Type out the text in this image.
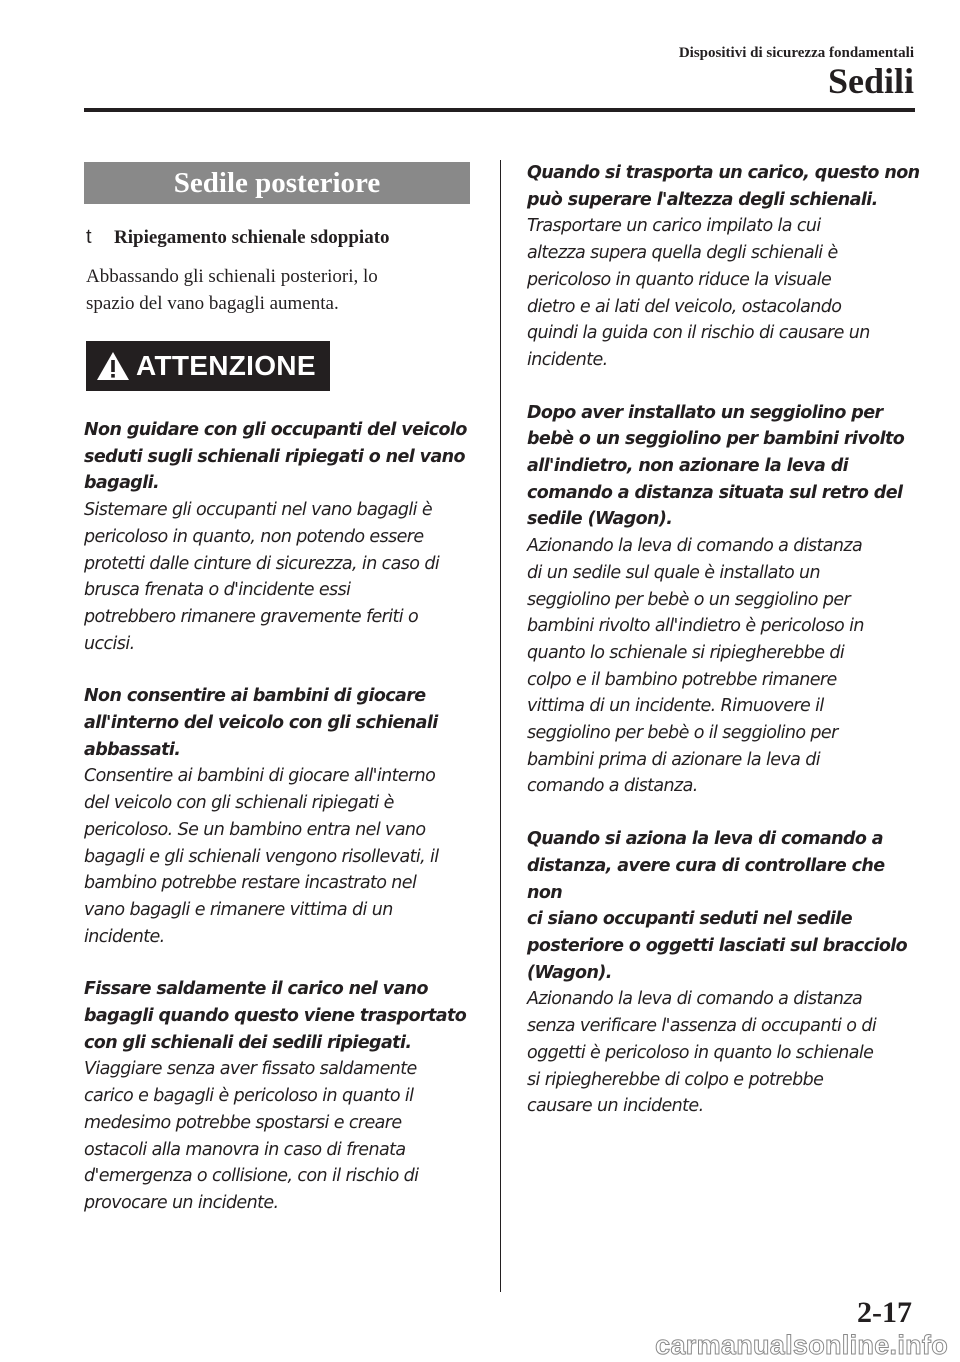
Dispositivi di sicurezza fondamentali
Sedili
Sedile posteriore
t	Ripiegamento schienale sdoppiato
Abbassando gli schienali posteriori, lo
spazio del vano bagagli aumenta.
ATTENZIONE
Non guidare con gli occupanti del veicolo
seduti sugli schienali ripiegati o nel vano
bagagli.
Sistemare gli occupanti nel vano bagagli è
pericoloso in quanto, non potendo essere
protetti dalle cinture di sicurezza, in caso di
brusca frenata o d'incidente essi
potrebbero rimanere gravemente feriti o
uccisi.
Non consentire ai bambini di giocare
all'interno del veicolo con gli schienali
abbassati.
Consentire ai bambini di giocare all'interno
del veicolo con gli schienali ripiegati è
pericoloso. Se un bambino entra nel vano
bagagli e gli schienali vengono risollevati, il
bambino potrebbe restare incastrato nel
vano bagagli e rimanere vittima di un
incidente.
Fissare saldamente il carico nel vano
bagagli quando questo viene trasportato
con gli schienali dei sedili ripiegati.
Viaggiare senza aver fissato saldamente
carico e bagagli è pericoloso in quanto il
medesimo potrebbe spostarsi e creare
ostacoli alla manovra in caso di frenata
d'emergenza o collisione, con il rischio di
provocare un incidente.
Quando si trasporta un carico, questo non
può superare l'altezza degli schienali.
Trasportare un carico impilato la cui
altezza supera quella degli schienali è
pericoloso in quanto riduce la visuale
dietro e ai lati del veicolo, ostacolando
quindi la guida con il rischio di causare un
incidente.
Dopo aver installato un seggiolino per
bebè o un seggiolino per bambini rivolto
all'indietro, non azionare la leva di
comando a distanza situata sul retro del
sedile (Wagon).
Azionando la leva di comando a distanza
di un sedile sul quale è installato un
seggiolino per bebè o un seggiolino per
bambini rivolto all'indietro è pericoloso in
quanto lo schienale si ripiegherebbe di
colpo e il bambino potrebbe rimanere
vittima di un incidente. Rimuovere il
seggiolino per bebè o il seggiolino per
bambini prima di azionare la leva di
comando a distanza.
Quando si aziona la leva di comando a
distanza, avere cura di controllare che non
ci siano occupanti seduti nel sedile
posteriore o oggetti lasciati sul bracciolo
(Wagon).
Azionando la leva di comando a distanza
senza verificare l'assenza di occupanti o di
oggetti è pericoloso in quanto lo schienale
si ripiegherebbe di colpo e potrebbe
causare un incidente.
2-17
carmanualsonline.info
